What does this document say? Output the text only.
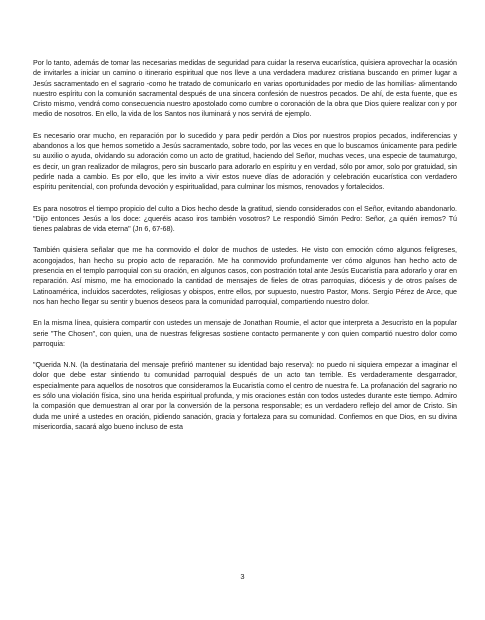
Por lo tanto, además de tomar las necesarias medidas de seguridad para cuidar la reserva eucarística, quisiera aprovechar la ocasión de invitarles a iniciar un camino o itinerario espiritual que nos lleve a una verdadera madurez cristiana buscando en primer lugar a Jesús sacramentado en el sagrario -como he tratado de comunicarlo en varias oportunidades por medio de las homilías- alimentando nuestro espíritu con la comunión sacramental después de una sincera confesión de nuestros pecados. De ahí, de esta fuente, que es Cristo mismo, vendrá como consecuencia nuestro apostolado como cumbre o coronación de la obra que Dios quiere realizar con y por medio de nosotros. En ello, la vida de los Santos nos iluminará y nos servirá de ejemplo.

Es necesario orar mucho, en reparación por lo sucedido y para pedir perdón a Dios por nuestros propios pecados, indiferencias y abandonos a los que hemos sometido a Jesús sacramentado, sobre todo, por las veces en que lo buscamos únicamente para pedirle su auxilio o ayuda, olvidando su adoración como un acto de gratitud, haciendo del Señor, muchas veces, una especie de taumaturgo, es decir, un gran realizador de milagros, pero sin buscarlo para adorarlo en espíritu y en verdad, sólo por amor, solo por gratuidad, sin pedirle nada a cambio. Es por ello, que les invito a vivir estos nueve días de adoración y celebración eucarística con verdadero espíritu penitencial, con profunda devoción y espiritualidad, para culminar los mismos, renovados y fortalecidos.

Es para nosotros el tiempo propicio del culto a Dios hecho desde la gratitud, siendo considerados con el Señor, evitando abandonarlo. "Dijo entonces Jesús a los doce: ¿queréis acaso iros también vosotros? Le respondió Simón Pedro: Señor, ¿a quién iremos? Tú tienes palabras de vida eterna" (Jn 6, 67-68).

También quisiera señalar que me ha conmovido el dolor de muchos de ustedes. He visto con emoción cómo algunos feligreses, acongojados, han hecho su propio acto de reparación. Me ha conmovido profundamente ver cómo algunos han hecho acto de presencia en el templo parroquial con su oración, en algunos casos, con postración total ante Jesús Eucaristía para adorarlo y orar en reparación. Así mismo, me ha emocionado la cantidad de mensajes de fieles de otras parroquias, diócesis y de otros países de Latinoamérica, incluidos sacerdotes, religiosas y obispos, entre ellos, por supuesto, nuestro Pastor, Mons. Sergio Pérez de Arce, que nos han hecho llegar su sentir y buenos deseos para la comunidad parroquial, compartiendo nuestro dolor.

En la misma línea, quisiera compartir con ustedes un mensaje de Jonathan Roumie, el actor que interpreta a Jesucristo en la popular serie "The Chosen", con quien, una de nuestras feligresas sostiene contacto permanente y con quien compartió nuestro dolor como parroquia:

"Querida N.N. (la destinataria del mensaje prefirió mantener su identidad bajo reserva): no puedo ni siquiera empezar a imaginar el dolor que debe estar sintiendo tu comunidad parroquial después de un acto tan terrible. Es verdaderamente desgarrador, especialmente para aquellos de nosotros que consideramos la Eucaristía como el centro de nuestra fe. La profanación del sagrario no es sólo una violación física, sino una herida espiritual profunda, y mis oraciones están con todos ustedes durante este tiempo. Admiro la compasión que demuestran al orar por la conversión de la persona responsable; es un verdadero reflejo del amor de Cristo. Sin duda me uniré a ustedes en oración, pidiendo sanación, gracia y fortaleza para su comunidad. Confiemos en que Dios, en su divina misericordia, sacará algo bueno incluso de esta

3
